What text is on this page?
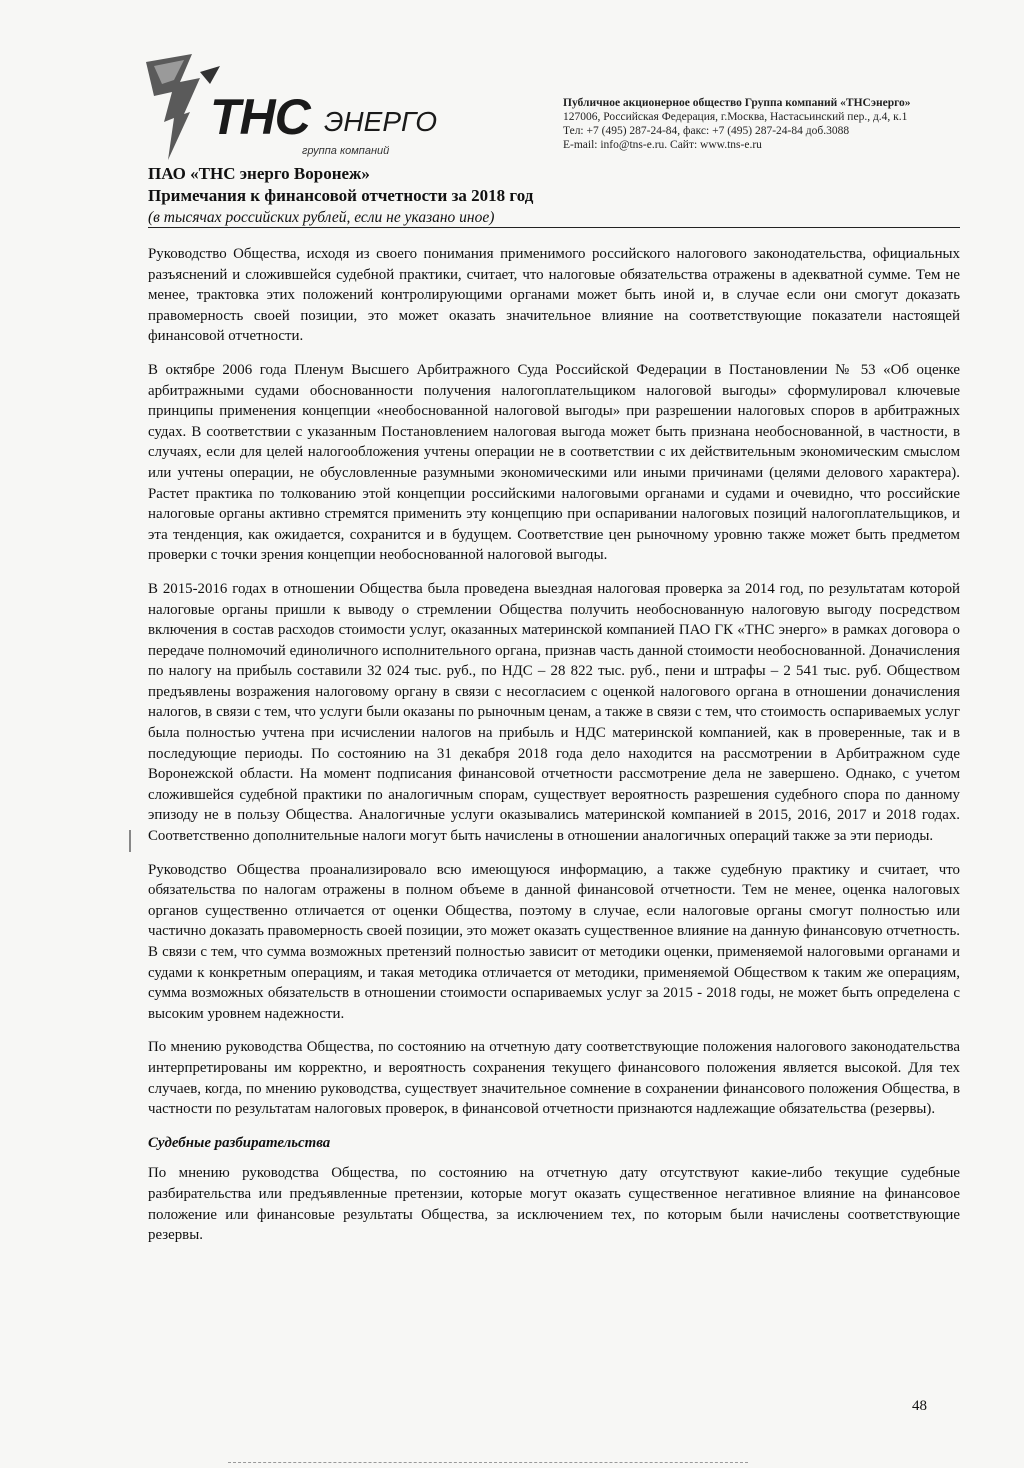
ТНС ЭНЕРГО
группа компаний
Публичное акционерное общество Группа компаний «ТНСэнерго»
127006, Российская Федерация, г.Москва, Настасьинский пер., д.4, к.1
Тел: +7 (495) 287-24-84, факс: +7 (495) 287-24-84 доб.3088
E-mail: info@tns-e.ru. Сайт: www.tns-e.ru
ПАО «ТНС энерго Воронеж»
Примечания к финансовой отчетности за 2018 год
(в тысячах российских рублей, если не указано иное)

Руководство Общества, исходя из своего понимания применимого российского налогового законодательства, официальных разъяснений и сложившейся судебной практики, считает, что налоговые обязательства отражены в адекватной сумме. Тем не менее, трактовка этих положений контролирующими органами может быть иной и, в случае если они смогут доказать правомерность своей позиции, это может оказать значительное влияние на соответствующие показатели настоящей финансовой отчетности.

В октябре 2006 года Пленум Высшего Арбитражного Суда Российской Федерации в Постановлении № 53 «Об оценке арбитражными судами обоснованности получения налогоплательщиком налоговой выгоды» сформулировал ключевые принципы применения концепции «необоснованной налоговой выгоды» при разрешении налоговых споров в арбитражных судах. В соответствии с указанным Постановлением налоговая выгода может быть признана необоснованной, в частности, в случаях, если для целей налогообложения учтены операции не в соответствии с их действительным экономическим смыслом или учтены операции, не обусловленные разумными экономическими или иными причинами (целями делового характера). Растет практика по толкованию этой концепции российскими налоговыми органами и судами и очевидно, что российские налоговые органы активно стремятся применить эту концепцию при оспаривании налоговых позиций налогоплательщиков, и эта тенденция, как ожидается, сохранится и в будущем. Соответствие цен рыночному уровню также может быть предметом проверки с точки зрения концепции необоснованной налоговой выгоды.

В 2015-2016 годах в отношении Общества была проведена выездная налоговая проверка за 2014 год, по результатам которой налоговые органы пришли к выводу о стремлении Общества получить необоснованную налоговую выгоду посредством включения в состав расходов стоимости услуг, оказанных материнской компанией ПАО ГК «ТНС энерго» в рамках договора о передаче полномочий единоличного исполнительного органа, признав часть данной стоимости необоснованной. Доначисления по налогу на прибыль составили 32 024 тыс. руб., по НДС – 28 822 тыс. руб., пени и штрафы – 2 541 тыс. руб. Обществом предъявлены возражения налоговому органу в связи с несогласием с оценкой налогового органа в отношении доначисления налогов, в связи с тем, что услуги были оказаны по рыночным ценам, а также в связи с тем, что стоимость оспариваемых услуг была полностью учтена при исчислении налогов на прибыль и НДС материнской компанией, как в проверенные, так и в последующие периоды. По состоянию на 31 декабря 2018 года дело находится на рассмотрении в Арбитражном суде Воронежской области. На момент подписания финансовой отчетности рассмотрение дела не завершено. Однако, с учетом сложившейся судебной практики по аналогичным спорам, существует вероятность разрешения судебного спора по данному эпизоду не в пользу Общества. Аналогичные услуги оказывались материнской компанией в 2015, 2016, 2017 и 2018 годах. Соответственно дополнительные налоги могут быть начислены в отношении аналогичных операций также за эти периоды.

Руководство Общества проанализировало всю имеющуюся информацию, а также судебную практику и считает, что обязательства по налогам отражены в полном объеме в данной финансовой отчетности. Тем не менее, оценка налоговых органов существенно отличается от оценки Общества, поэтому в случае, если налоговые органы смогут полностью или частично доказать правомерность своей позиции, это может оказать существенное влияние на данную финансовую отчетность. В связи с тем, что сумма возможных претензий полностью зависит от методики оценки, применяемой налоговыми органами и судами к конкретным операциям, и такая методика отличается от методики, применяемой Обществом к таким же операциям, сумма возможных обязательств в отношении стоимости оспариваемых услуг за 2015 - 2018 годы, не может быть определена с высоким уровнем надежности.

По мнению руководства Общества, по состоянию на отчетную дату соответствующие положения налогового законодательства интерпретированы им корректно, и вероятность сохранения текущего финансового положения является высокой. Для тех случаев, когда, по мнению руководства, существует значительное сомнение в сохранении финансового положения Общества, в частности по результатам налоговых проверок, в финансовой отчетности признаются надлежащие обязательства (резервы).

Судебные разбирательства

По мнению руководства Общества, по состоянию на отчетную дату отсутствуют какие-либо текущие судебные разбирательства или предъявленные претензии, которые могут оказать существенное негативное влияние на финансовое положение или финансовые результаты Общества, за исключением тех, по которым были начислены соответствующие резервы.

48
